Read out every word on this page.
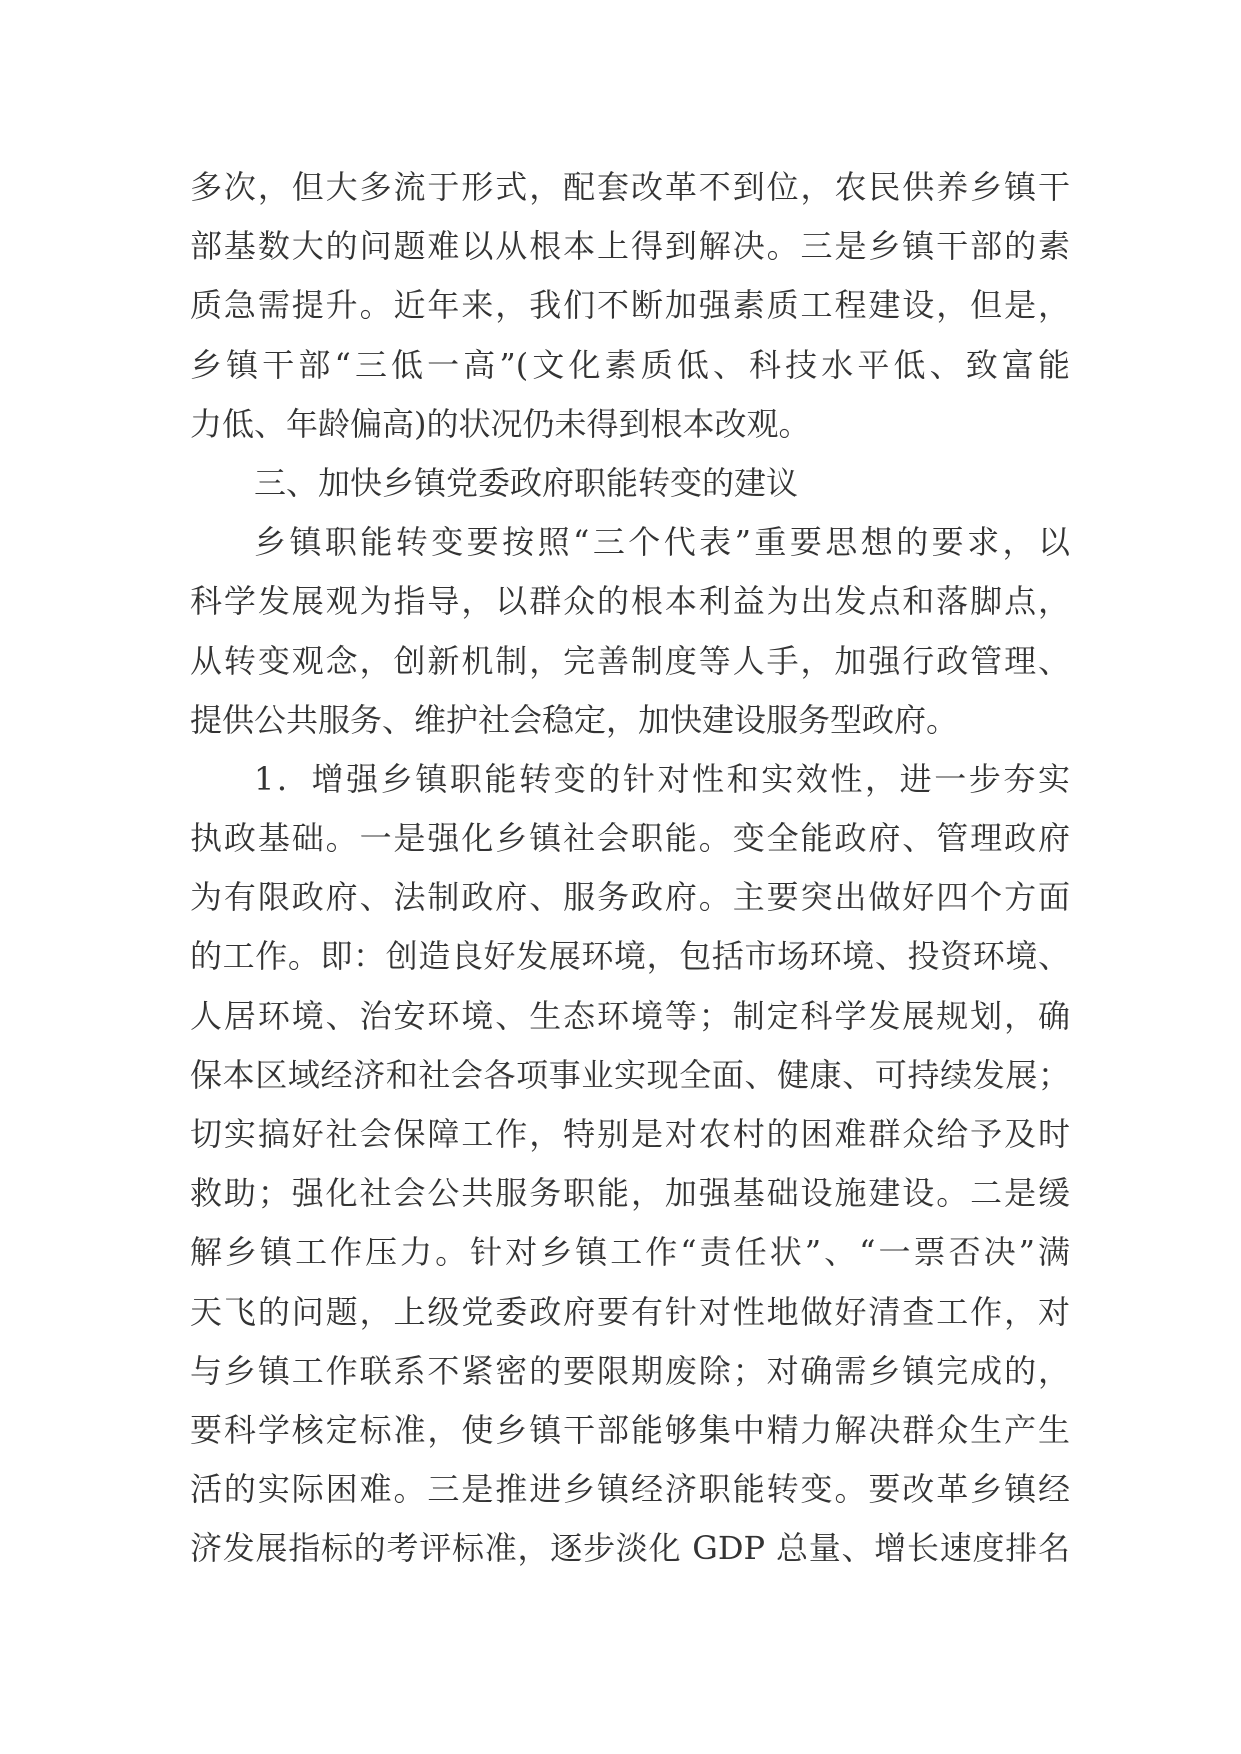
多次，但大多流于形式，配套改革不到位，农民供养乡镇干
部基数大的问题难以从根本上得到解决。三是乡镇干部的素
质急需提升。近年来，我们不断加强素质工程建设，但是，
乡镇干部“三低一高”(文化素质低、科技水平低、致富能
力低、年龄偏高)的状况仍未得到根本改观。
三、加快乡镇党委政府职能转变的建议
乡镇职能转变要按照“三个代表”重要思想的要求，以
科学发展观为指导，以群众的根本利益为出发点和落脚点，
从转变观念，创新机制，完善制度等人手，加强行政管理、
提供公共服务、维护社会稳定，加快建设服务型政府。
1．增强乡镇职能转变的针对性和实效性，进一步夯实
执政基础。一是强化乡镇社会职能。变全能政府、管理政府
为有限政府、法制政府、服务政府。主要突出做好四个方面
的工作。即：创造良好发展环境，包括市场环境、投资环境、
人居环境、治安环境、生态环境等；制定科学发展规划，确
保本区域经济和社会各项事业实现全面、健康、可持续发展；
切实搞好社会保障工作，特别是对农村的困难群众给予及时
救助；强化社会公共服务职能，加强基础设施建设。二是缓
解乡镇工作压力。针对乡镇工作“责任状”、“一票否决”满
天飞的问题，上级党委政府要有针对性地做好清查工作，对
与乡镇工作联系不紧密的要限期废除；对确需乡镇完成的，
要科学核定标准，使乡镇干部能够集中精力解决群众生产生
活的实际困难。三是推进乡镇经济职能转变。要改革乡镇经
济发展指标的考评标准，逐步淡化 GDP 总量、增长速度排名
